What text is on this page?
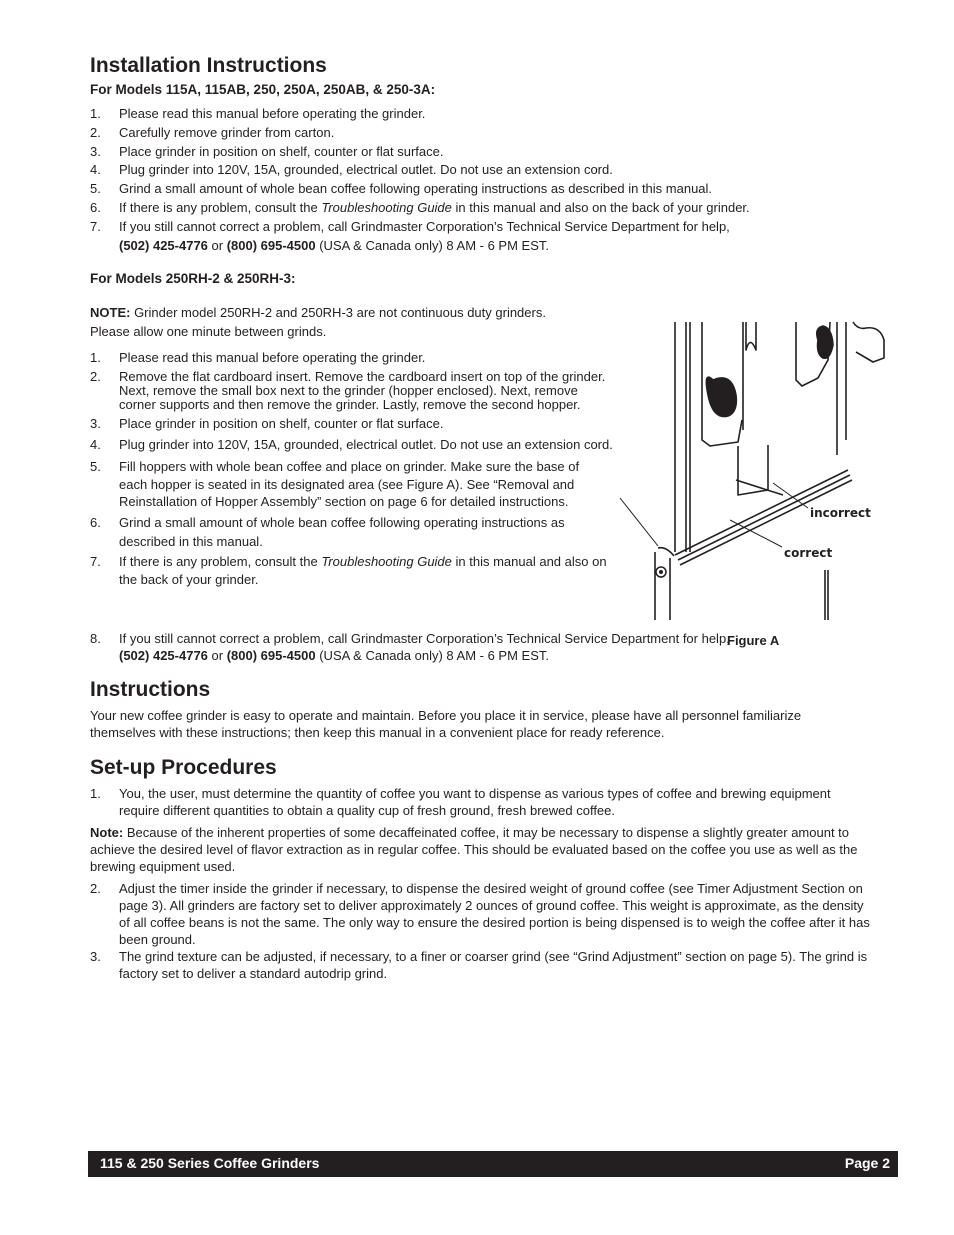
Installation Instructions
For Models 115A, 115AB, 250, 250A, 250AB, & 250-3A:
1. Please read this manual before operating the grinder.
2. Carefully remove grinder from carton.
3. Place grinder in position on shelf, counter or flat surface.
4. Plug grinder into 120V, 15A, grounded, electrical outlet. Do not use an extension cord.
5. Grind a small amount of whole bean coffee following operating instructions as described in this manual.
6. If there is any problem, consult the Troubleshooting Guide in this manual and also on the back of your grinder.
7. If you still cannot correct a problem, call Grindmaster Corporation’s Technical Service Department for help,
(502) 425-4776 or (800) 695-4500 (USA & Canada only) 8 AM - 6 PM EST.
For Models 250RH-2 & 250RH-3:

NOTE: Grinder model 250RH-2 and 250RH-3 are not continuous duty grinders.
Please allow one minute between grinds.

1. Please read this manual before operating the grinder.
2. Remove the flat cardboard insert. Remove the cardboard insert on top of the grinder. Next, remove the small box next to the grinder (hopper enclosed). Next, remove corner supports and then remove the grinder. Lastly, remove the second hopper.
3. Place grinder in position on shelf, counter or flat surface.
4. Plug grinder into 120V, 15A, grounded, electrical outlet. Do not use an extension cord.
5. Fill hoppers with whole bean coffee and place on grinder. Make sure the base of each hopper is seated in its designated area (see Figure A). See “Removal and Reinstallation of Hopper Assembly” section on page 6 for detailed instructions.
6. Grind a small amount of whole bean coffee following operating instructions as described in this manual.
7. If there is any problem, consult the Troubleshooting Guide in this manual and also on the back of your grinder.
8. If you still cannot correct a problem, call Grindmaster Corporation’s Technical Service Department for help,
(502) 425-4776 or (800) 695-4500 (USA & Canada only) 8 AM - 6 PM EST.
incorrect
correct
Figure A
Instructions

Your new coffee grinder is easy to operate and maintain. Before you place it in service, please have all personnel familiarize themselves with these instructions; then keep this manual in a convenient place for ready reference.

Set-up Procedures
1. You, the user, must determine the quantity of coffee you want to dispense as various types of coffee and brewing equipment require different quantities to obtain a quality cup of fresh ground, fresh brewed coffee.

Note: Because of the inherent properties of some decaffeinated coffee, it may be necessary to dispense a slightly greater amount to achieve the desired level of flavor extraction as in regular coffee. This should be evaluated based on the coffee you use as well as the brewing equipment used.

2. Adjust the timer inside the grinder if necessary, to dispense the desired weight of ground coffee (see Timer Adjustment Section on page 3). All grinders are factory set to deliver approximately 2 ounces of ground coffee. This weight is approximate, as the density of all coffee beans is not the same. The only way to ensure the desired portion is being dispensed is to weigh the coffee after it has been ground.
3. The grind texture can be adjusted, if necessary, to a finer or coarser grind (see “Grind Adjustment” section on page 5). The grind is factory set to deliver a standard autodrip grind.
115 & 250 Series Coffee Grinders	Page 2
